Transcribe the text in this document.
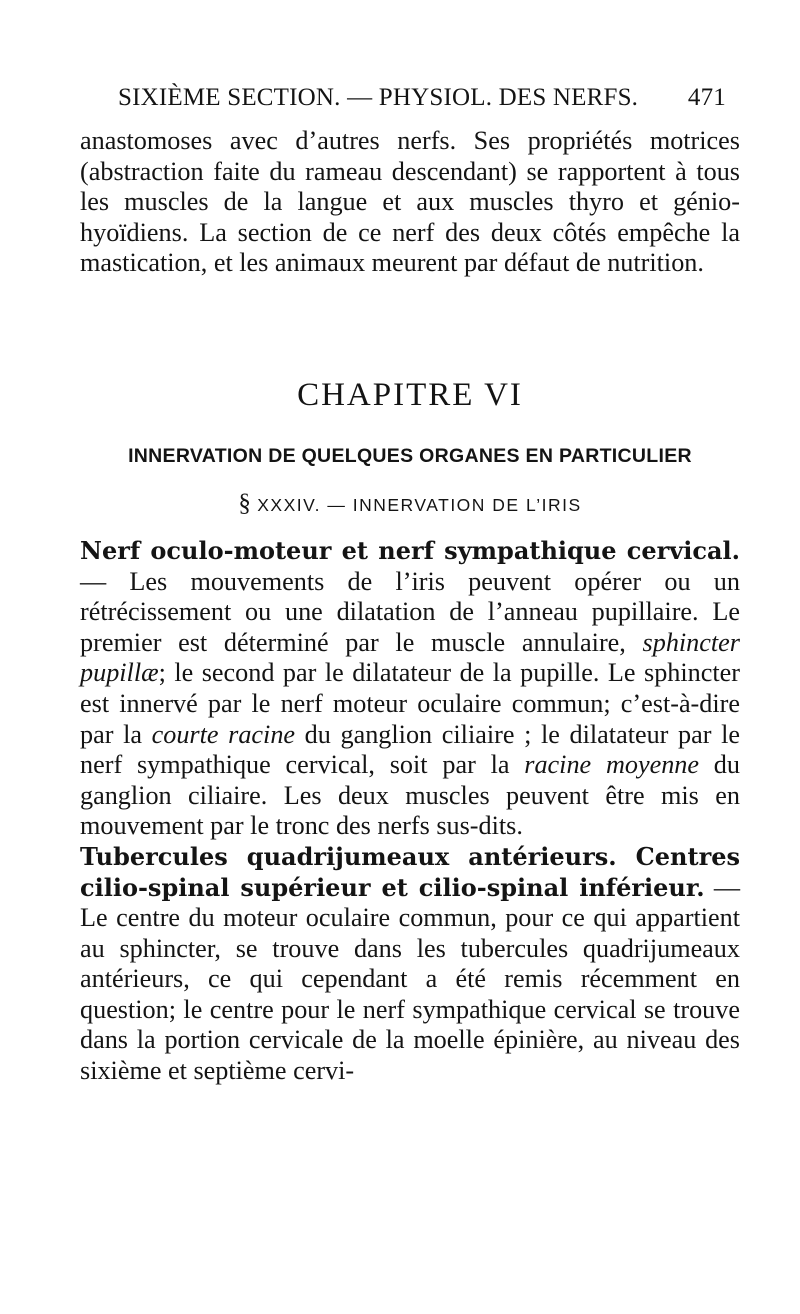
SIXIÈME SECTION. — PHYSIOL. DES NERFS. 471

anastomoses avec d’autres nerfs. Ses propriétés motrices (abstraction faite du rameau descendant) se rapportent à tous les muscles de la langue et aux muscles thyro et génio-hyoïdiens. La section de ce nerf des deux côtés empêche la mastication, et les animaux meurent par défaut de nutrition.

CHAPITRE VI
INNERVATION DE QUELQUES ORGANES EN PARTICULIER
§ XXXIV. — INNERVATION DE L’IRIS

Nerf oculo-moteur et nerf sympathique cervical. — Les mouvements de l’iris peuvent opérer ou un rétrécissement ou une dilatation de l’anneau pupillaire. Le premier est déterminé par le muscle annulaire, sphincter pupillæ; le second par le dilatateur de la pupille. Le sphincter est innervé par le nerf moteur oculaire commun; c’est-à-dire par la courte racine du ganglion ciliaire ; le dilatateur par le nerf sympathique cervical, soit par la racine moyenne du ganglion ciliaire. Les deux muscles peuvent être mis en mouvement par le tronc des nerfs sus-dits.

Tubercules quadrijumeaux antérieurs. Centres cilio-spinal supérieur et cilio-spinal inférieur. — Le centre du moteur oculaire commun, pour ce qui appartient au sphincter, se trouve dans les tubercules quadrijumeaux antérieurs, ce qui cependant a été remis récemment en question; le centre pour le nerf sympathique cervical se trouve dans la portion cervicale de la moelle épinière, au niveau des sixième et septième cervi-
